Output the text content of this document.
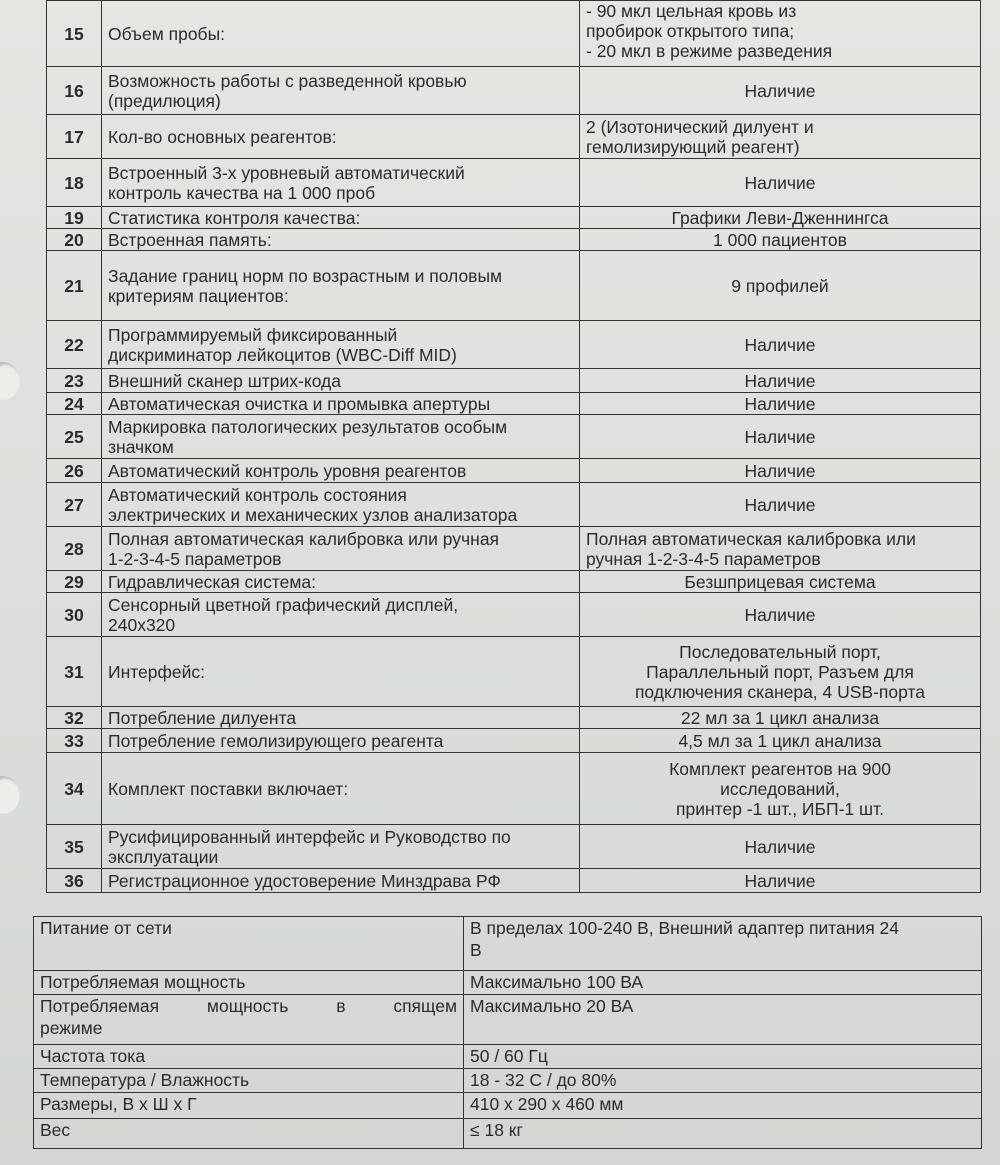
15	Объем пробы:	- 90 мкл цельная кровь из
пробирок открытого типа;
- 20 мкл в режиме разведения
16	Возможность работы с разведенной кровью
(предилюция)	Наличие
17	Кол-во основных реагентов:	2 (Изотонический дилуент и
гемолизирующий реагент)
18	Встроенный 3-х уровневый автоматический
контроль качества на 1 000 проб	Наличие
19	Статистика контроля качества:	Графики Леви-Дженнингса
20	Встроенная память:	1 000 пациентов
21	Задание границ норм по возрастным и половым
критериям пациентов:	9 профилей
22	Программируемый фиксированный
дискриминатор лейкоцитов (WBC-Diff MID)	Наличие
23	Внешний сканер штрих-кода	Наличие
24	Автоматическая очистка и промывка апертуры	Наличие
25	Маркировка патологических результатов особым
значком	Наличие
26	Автоматический контроль уровня реагентов	Наличие
27	Автоматический контроль состояния
электрических и механических узлов анализатора	Наличие
28	Полная автоматическая калибровка или ручная
1-2-3-4-5 параметров	Полная автоматическая калибровка или
ручная 1-2-3-4-5 параметров
29	Гидравлическая система:	Безшприцевая система
30	Сенсорный цветной графический дисплей,
240х320	Наличие
31	Интерфейс:	Последовательный порт,
Параллельный порт, Разъем для
подключения сканера, 4 USB-порта
32	Потребление дилуента	22 мл за 1 цикл анализа
33	Потребление гемолизирующего реагента	4,5 мл за 1 цикл анализа
34	Комплект поставки включает:	Комплект реагентов на 900
исследований,
принтер -1 шт., ИБП-1 шт.
35	Русифицированный интерфейс и Руководство по
эксплуатации	Наличие
36	Регистрационное удостоверение Минздрава РФ	Наличие
Питание от сети	В пределах 100-240 В, Внешний адаптер питания 24
В
Потребляемая мощность	Максимально 100 ВА

Потребляемая мощность в спящем
режиме	Максимально 20 ВА
Частота тока	50 / 60 Гц
Температура / Влажность	18 - 32 С / до 80%
Размеры, В х Ш х Г	410 х 290 х 460 мм
Вес	≤ 18 кг
